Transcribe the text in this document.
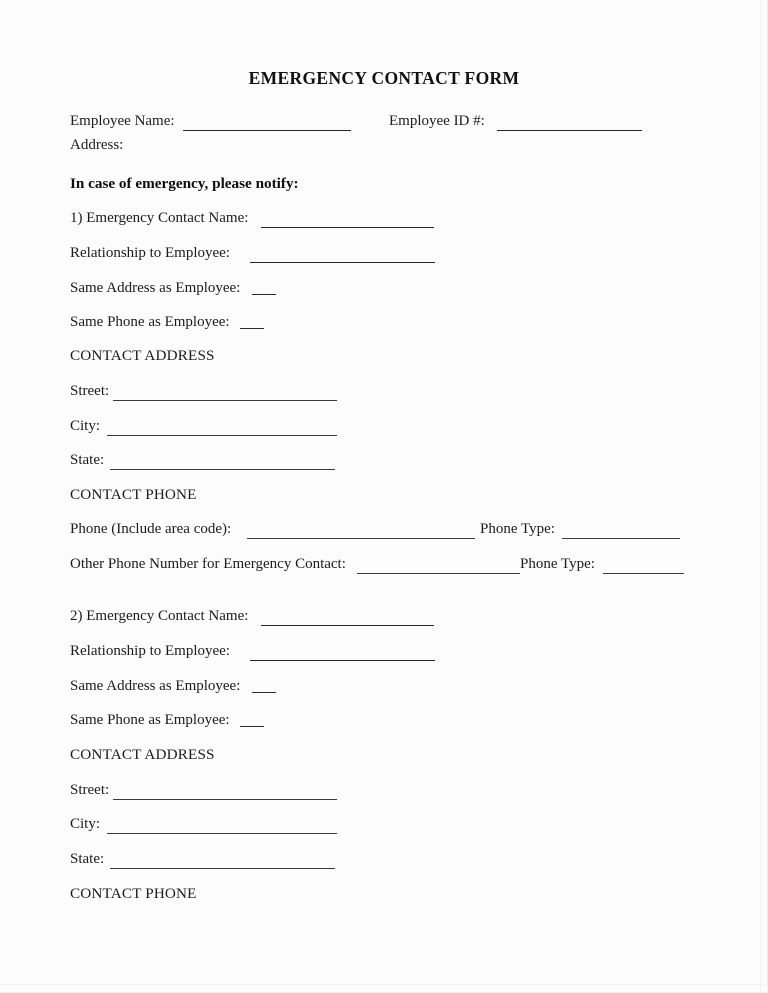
EMERGENCY CONTACT FORM
Employee Name:	Employee ID #:
Address:
In case of emergency, please notify:
1) Emergency Contact Name:
Relationship to Employee:
Same Address as Employee:
Same Phone as Employee:
CONTACT ADDRESS
Street:
City:
State:
CONTACT PHONE
Phone (Include area code):	Phone Type:
Other Phone Number for Emergency Contact:	Phone Type:
2) Emergency Contact Name:
Relationship to Employee:
Same Address as Employee:
Same Phone as Employee:
CONTACT ADDRESS
Street:
City:
State:
CONTACT PHONE
